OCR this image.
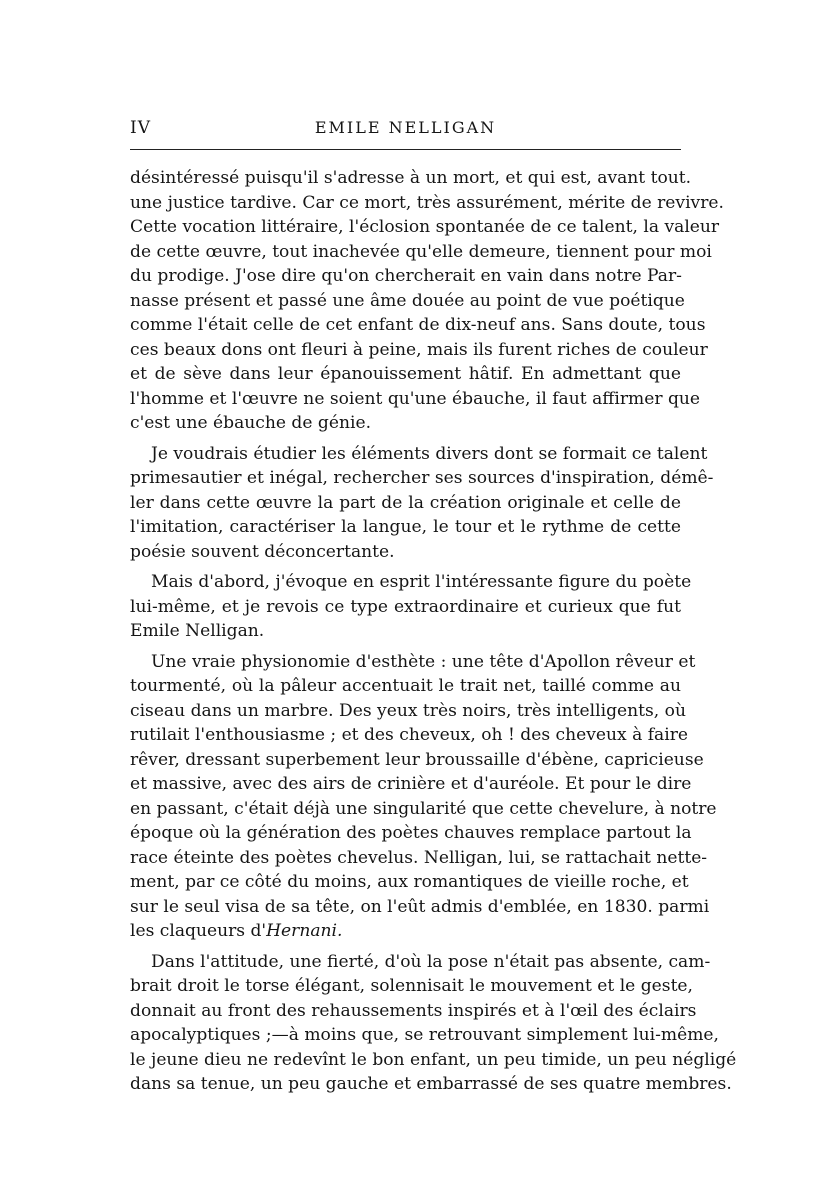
IV	EMILE NELLIGAN

désintéressé puisqu'il s'adresse à un mort, et qui est, avant tout.
une justice tardive. Car ce mort, très assurément, mérite de revivre.
Cette vocation littéraire, l'éclosion spontanée de ce talent, la valeur
de cette œuvre, tout inachevée qu'elle demeure, tiennent pour moi
du prodige. J'ose dire qu'on chercherait en vain dans notre Par-
nasse présent et passé une âme douée au point de vue poétique
comme l'était celle de cet enfant de dix-neuf ans. Sans doute, tous
ces beaux dons ont fleuri à peine, mais ils furent riches de couleur
et de sève dans leur épanouissement hâtif. En admettant que
l'homme et l'œuvre ne soient qu'une ébauche, il faut affirmer que
c'est une ébauche de génie.

Je voudrais étudier les éléments divers dont se formait ce talent
primesautier et inégal, rechercher ses sources d'inspiration, démê-
ler dans cette œuvre la part de la création originale et celle de
l'imitation, caractériser la langue, le tour et le rythme de cette
poésie souvent déconcertante.

Mais d'abord, j'évoque en esprit l'intéressante figure du poète
lui-même, et je revois ce type extraordinaire et curieux que fut
Emile Nelligan.

Une vraie physionomie d'esthète : une tête d'Apollon rêveur et
tourmenté, où la pâleur accentuait le trait net, taillé comme au
ciseau dans un marbre. Des yeux très noirs, très intelligents, où
rutilait l'enthousiasme ; et des cheveux, oh ! des cheveux à faire
rêver, dressant superbement leur broussaille d'ébène, capricieuse
et massive, avec des airs de crinière et d'auréole. Et pour le dire
en passant, c'était déjà une singularité que cette chevelure, à notre
époque où la génération des poètes chauves remplace partout la
race éteinte des poètes chevelus. Nelligan, lui, se rattachait nette-
ment, par ce côté du moins, aux romantiques de vieille roche, et
sur le seul visa de sa tête, on l'eût admis d'emblée, en 1830. parmi
les claqueurs d'Hernani.

Dans l'attitude, une fierté, d'où la pose n'était pas absente, cam-
brait droit le torse élégant, solennisait le mouvement et le geste,
donnait au front des rehaussements inspirés et à l'œil des éclairs
apocalyptiques ;—à moins que, se retrouvant simplement lui-même,
le jeune dieu ne redevînt le bon enfant, un peu timide, un peu négligé
dans sa tenue, un peu gauche et embarrassé de ses quatre membres.
